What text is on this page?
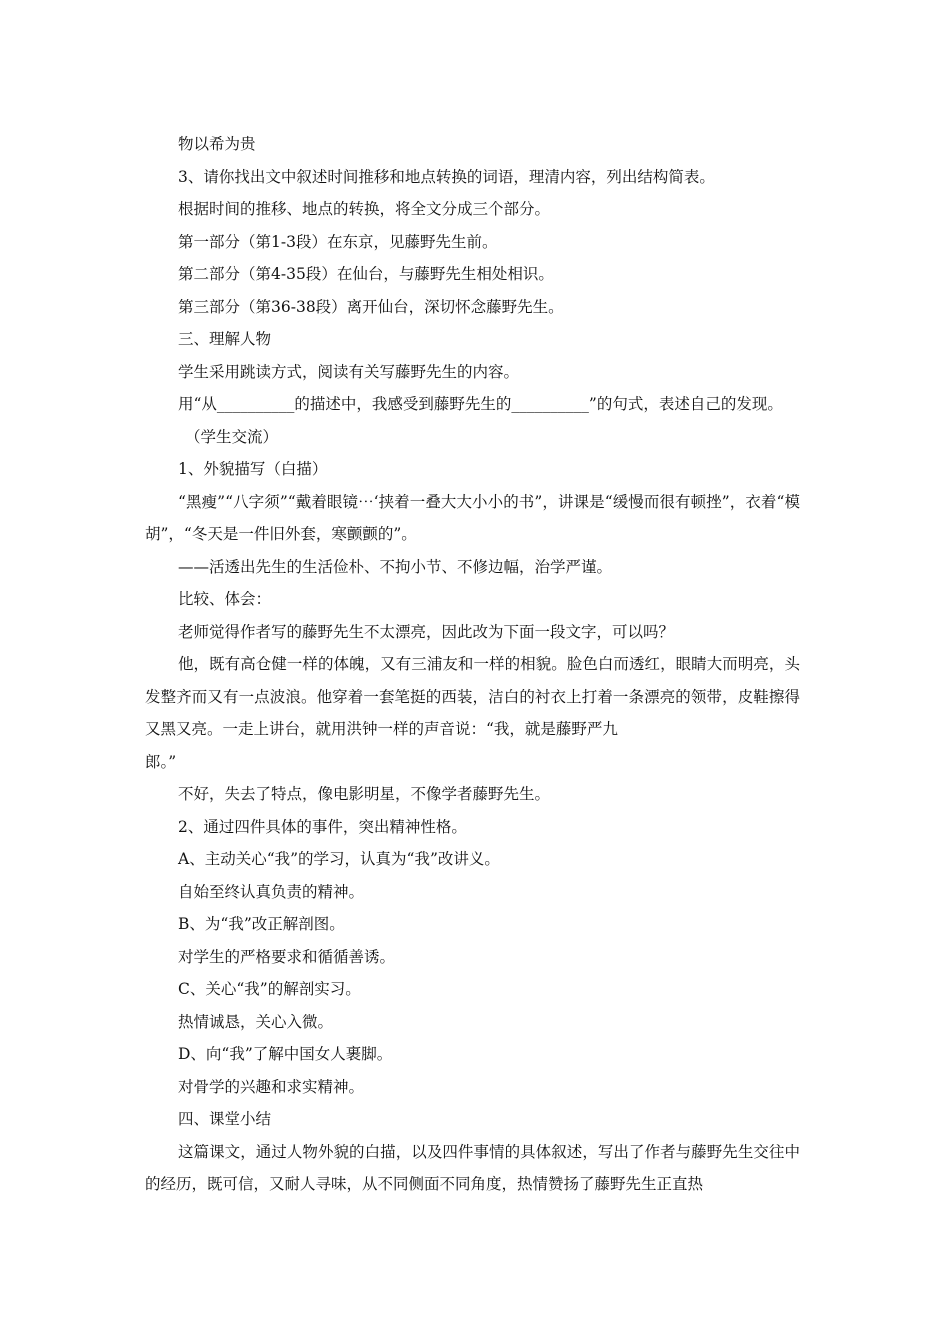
物以希为贵

3、请你找出文中叙述时间推移和地点转换的词语，理清内容，列出结构简表。

根据时间的推移、地点的转换，将全文分成三个部分。

第一部分（第1-3段）在东京，见藤野先生前。

第二部分（第4-35段）在仙台，与藤野先生相处相识。

第三部分（第36-38段）离开仙台，深切怀念藤野先生。

三、理解人物

学生采用跳读方式，阅读有关写藤野先生的内容。

用“从__________的描述中，我感受到藤野先生的__________”的句式，表述自己的发现。

（学生交流）

1、外貌描写（白描）

“黑瘦”“八字须”“戴着眼镜⋯‘挟着一叠大大小小的书”，讲课是“缓慢而很有顿挫”，衣着“模胡”，“冬天是一件旧外套，寒颤颤的”。

——活透出先生的生活俭朴、不拘小节、不修边幅，治学严谨。

比较、体会：

老师觉得作者写的藤野先生不太漂亮，因此改为下面一段文字，可以吗？

他，既有高仓健一样的体魄，又有三浦友和一样的相貌。脸色白而透红，眼睛大而明亮，头发整齐而又有一点波浪。他穿着一套笔挺的西装，洁白的衬衣上打着一条漂亮的领带，皮鞋擦得又黑又亮。一走上讲台，就用洪钟一样的声音说：“我，就是藤野严九

郎。”

不好，失去了特点，像电影明星，不像学者藤野先生。

2、通过四件具体的事件，突出精神性格。

A、主动关心“我”的学习，认真为“我”改讲义。

自始至终认真负责的精神。

B、为“我”改正解剖图。

对学生的严格要求和循循善诱。

C、关心“我”的解剖实习。

热情诚恳，关心入微。

D、向“我”了解中国女人裹脚。

对骨学的兴趣和求实精神。

四、课堂小结

这篇课文，通过人物外貌的白描，以及四件事情的具体叙述，写出了作者与藤野先生交往中的经历，既可信，又耐人寻味，从不同侧面不同角度，热情赞扬了藤野先生正直热
